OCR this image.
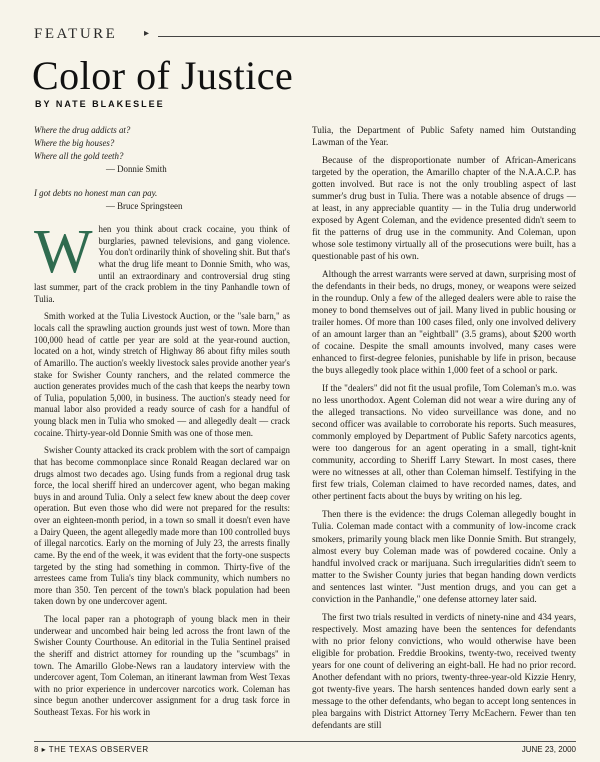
FEATURE	▸
Color of Justice
BY NATE BLAKESLEE
Where the drug addicts at?
Where the big houses?
Where all the gold teeth?
— Donnie Smith
I got debts no honest man can pay.
— Bruce Springsteen

When you think about crack cocaine, you think of burglaries, pawned televisions, and gang violence. You don't ordinarily think of shoveling shit. But that's what the drug life meant to Donnie Smith, who was, until an extraordinary and controversial drug sting last summer, part of the crack problem in the tiny Panhandle town of Tulia.

Smith worked at the Tulia Livestock Auction, or the "sale barn," as locals call the sprawling auction grounds just west of town. More than 100,000 head of cattle per year are sold at the year-round auction, located on a hot, windy stretch of Highway 86 about fifty miles south of Amarillo. The auction's weekly livestock sales provide another year's stake for Swisher County ranchers, and the related commerce the auction generates provides much of the cash that keeps the nearby town of Tulia, population 5,000, in business. The auction's steady need for manual labor also provided a ready source of cash for a handful of young black men in Tulia who smoked — and allegedly dealt — crack cocaine. Thirty-year-old Donnie Smith was one of those men.

Swisher County attacked its crack problem with the sort of campaign that has become commonplace since Ronald Reagan declared war on drugs almost two decades ago. Using funds from a regional drug task force, the local sheriff hired an undercover agent, who began making buys in and around Tulia. Only a select few knew about the deep cover operation. But even those who did were not prepared for the results: over an eighteen-month period, in a town so small it doesn't even have a Dairy Queen, the agent allegedly made more than 100 controlled buys of illegal narcotics. Early on the morning of July 23, the arrests finally came. By the end of the week, it was evident that the forty-one suspects targeted by the sting had something in common. Thirty-five of the arrestees came from Tulia's tiny black community, which numbers no more than 350. Ten percent of the town's black population had been taken down by one undercover agent.

The local paper ran a photograph of young black men in their underwear and uncombed hair being led across the front lawn of the Swisher County Courthouse. An editorial in the Tulia Sentinel praised the sheriff and district attorney for rounding up the "scumbags" in town. The Amarillo Globe-News ran a laudatory interview with the undercover agent, Tom Coleman, an itinerant lawman from West Texas with no prior experience in undercover narcotics work. Coleman has since begun another undercover assignment for a drug task force in Southeast Texas. For his work in

Tulia, the Department of Public Safety named him Outstanding Lawman of the Year.

Because of the disproportionate number of African-Americans targeted by the operation, the Amarillo chapter of the N.A.A.C.P. has gotten involved. But race is not the only troubling aspect of last summer's drug bust in Tulia. There was a notable absence of drugs — at least, in any appreciable quantity — in the Tulia drug underworld exposed by Agent Coleman, and the evidence presented didn't seem to fit the patterns of drug use in the community. And Coleman, upon whose sole testimony virtually all of the prosecutions were built, has a questionable past of his own.

Although the arrest warrants were served at dawn, surprising most of the defendants in their beds, no drugs, money, or weapons were seized in the roundup. Only a few of the alleged dealers were able to raise the money to bond themselves out of jail. Many lived in public housing or trailer homes. Of more than 100 cases filed, only one involved delivery of an amount larger than an "eightball" (3.5 grams), about $200 worth of cocaine. Despite the small amounts involved, many cases were enhanced to first-degree felonies, punishable by life in prison, because the buys allegedly took place within 1,000 feet of a school or park.

If the "dealers" did not fit the usual profile, Tom Coleman's m.o. was no less unorthodox. Agent Coleman did not wear a wire during any of the alleged transactions. No video surveillance was done, and no second officer was available to corroborate his reports. Such measures, commonly employed by Department of Public Safety narcotics agents, were too dangerous for an agent operating in a small, tight-knit community, according to Sheriff Larry Stewart. In most cases, there were no witnesses at all, other than Coleman himself. Testifying in the first few trials, Coleman claimed to have recorded names, dates, and other pertinent facts about the buys by writing on his leg.

Then there is the evidence: the drugs Coleman allegedly bought in Tulia. Coleman made contact with a community of low-income crack smokers, primarily young black men like Donnie Smith. But strangely, almost every buy Coleman made was of powdered cocaine. Only a handful involved crack or marijuana. Such irregularities didn't seem to matter to the Swisher County juries that began handing down verdicts and sentences last winter. "Just mention drugs, and you can get a conviction in the Panhandle," one defense attorney later said.

The first two trials resulted in verdicts of ninety-nine and 434 years, respectively. Most amazing have been the sentences for defendants with no prior felony convictions, who would otherwise have been eligible for probation. Freddie Brookins, twenty-two, received twenty years for one count of delivering an eight-ball. He had no prior record. Another defendant with no priors, twenty-three-year-old Kizzie Henry, got twenty-five years. The harsh sentences handed down early sent a message to the other defendants, who began to accept long sentences in plea bargains with District Attorney Terry McEachern. Fewer than ten defendants are still

8 ▸ THE TEXAS OBSERVER	JUNE 23, 2000
